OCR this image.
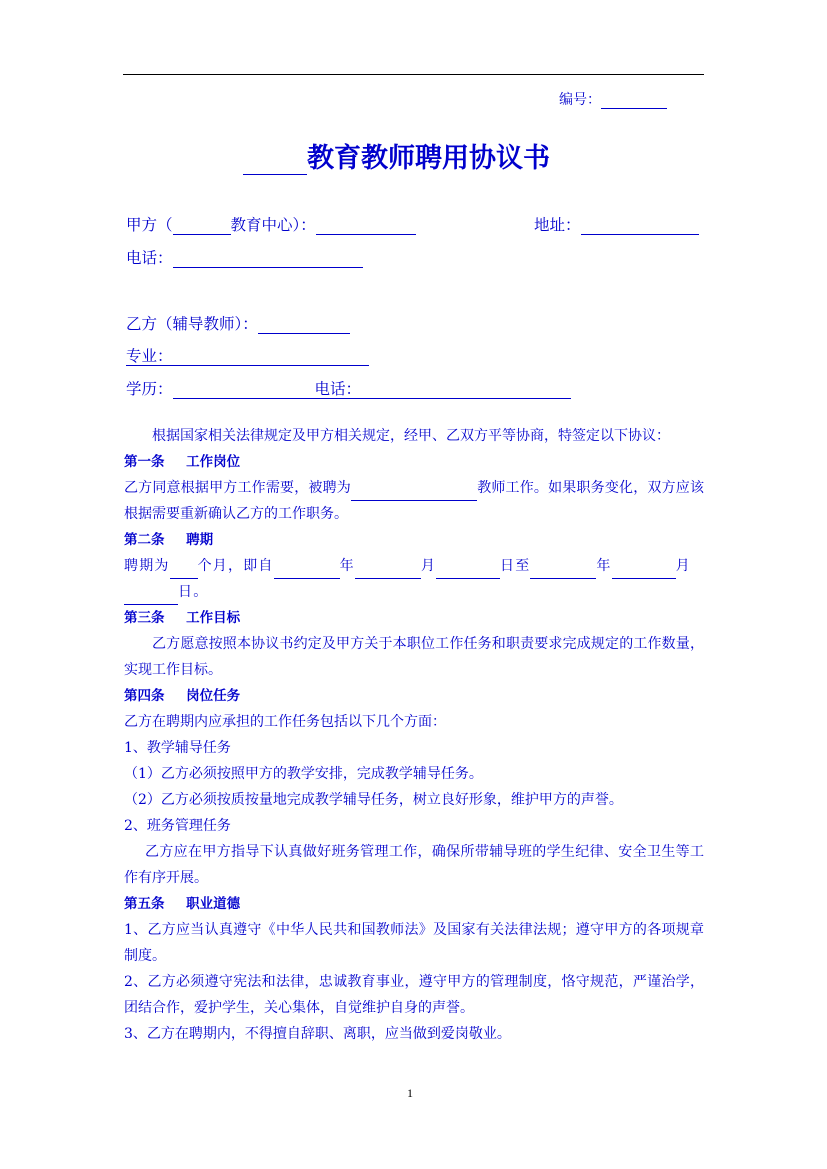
编号：
教育教师聘用协议书
甲方（	教育中心）：	地址：
电话：
乙方（辅导教师）：
专业：
学历：	电话：

根据国家相关法律规定及甲方相关规定，经甲、乙双方平等协商，特签定以下协议：

第一条 工作岗位

乙方同意根据甲方工作需要，被聘为	教师工作。如果职务变化，双方应该根据需要重新确认乙方的工作职务。

第二条 聘期

聘期为 个月，即自	年	月	日至	年	月
日。

第三条 工作目标

乙方愿意按照本协议书约定及甲方关于本职位工作任务和职责要求完成规定的工作数量，实现工作目标。

第四条 岗位任务

乙方在聘期内应承担的工作任务包括以下几个方面：

1、教学辅导任务

（1）乙方必须按照甲方的教学安排，完成教学辅导任务。

（2）乙方必须按质按量地完成教学辅导任务，树立良好形象，维护甲方的声誉。

2、班务管理任务

乙方应在甲方指导下认真做好班务管理工作，确保所带辅导班的学生纪律、安全卫生等工作有序开展。

第五条 职业道德

1、乙方应当认真遵守《中华人民共和国教师法》及国家有关法律法规；遵守甲方的各项规章制度。

2、乙方必须遵守宪法和法律，忠诚教育事业，遵守甲方的管理制度，恪守规范，严谨治学，团结合作，爱护学生，关心集体，自觉维护自身的声誉。

3、乙方在聘期内，不得擅自辞职、离职，应当做到爱岗敬业。

1
